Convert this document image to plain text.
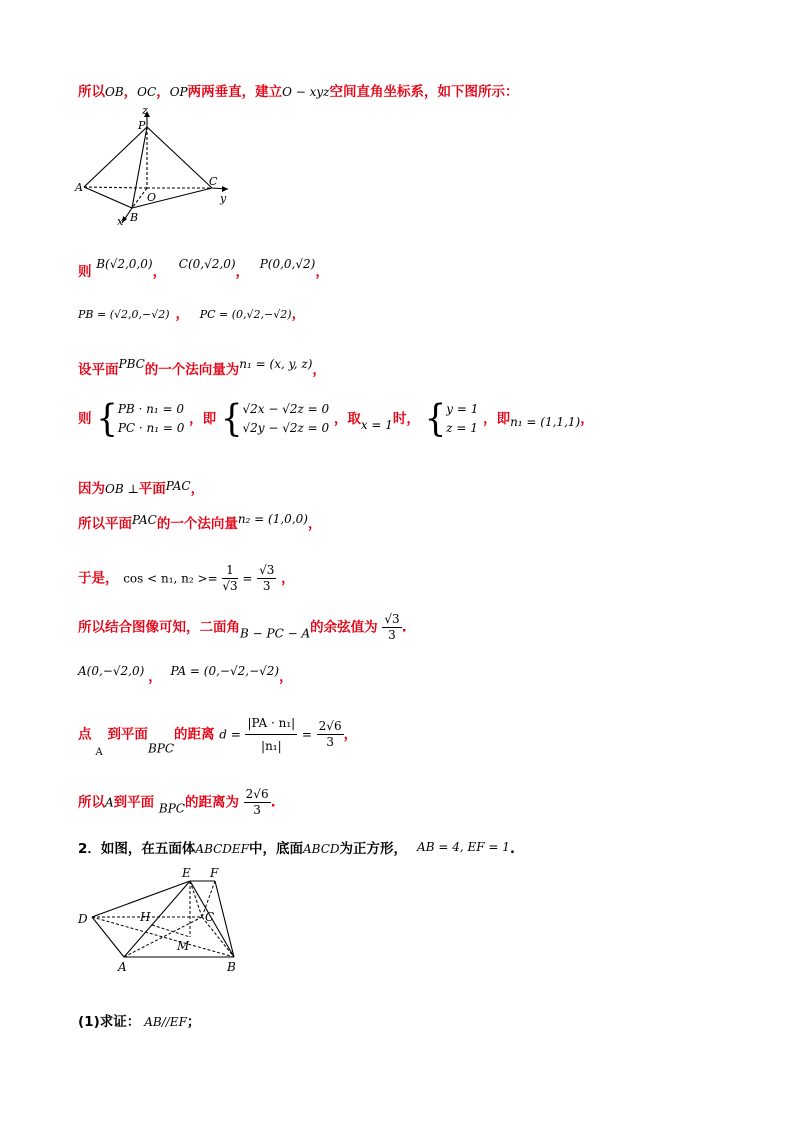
所以OB，OC，OP两两垂直，建立O − xyz空间直角坐标系，如下图所示：
z
P
A
O
C
y
x B
则 B(√2,0,0)， C(0,√2,0)， P(0,0,√2)，
PB = (√2,0,−√2) ， PC = (0,√2,−√2)，
设平面PBC的一个法向量为n₁ = (x, y, z)，
则 { PB · n₁ = 0
PC · n₁ = 0
，即 { √2x − √2z = 0
√2y − √2z = 0
，取x = 1时， { y = 1
z = 1
，即n₁ = (1,1,1)，
因为OB ⊥平面PAC，
所以平面PAC的一个法向量n₂ = (1,0,0)，
于是， cos < n₁, $n_2 >= \frac{1}{√3} = \frac{√3}{3}$ ，
所以结合图像可知，二面角B − PC − A的余弦值为 $\frac{√3}{3}$ .
A(0,−√2,0) ， PA = (0,−√2,−√2)，
点$_A$ 到平面BPC的距离 $d = \frac{\text{|PA · n₁|}}{\text{|n₁|}} = \frac{2√6}{3}$ ，
所以A到平面 BPC的距离为 $\frac{2√6}{3}$ .
2．如图，在五面体ABCDEF中，底面ABCD为正方形， AB = 4, EF = 1.
E F
D	H	C
M
A	B
(1)求证： AB//EF；
